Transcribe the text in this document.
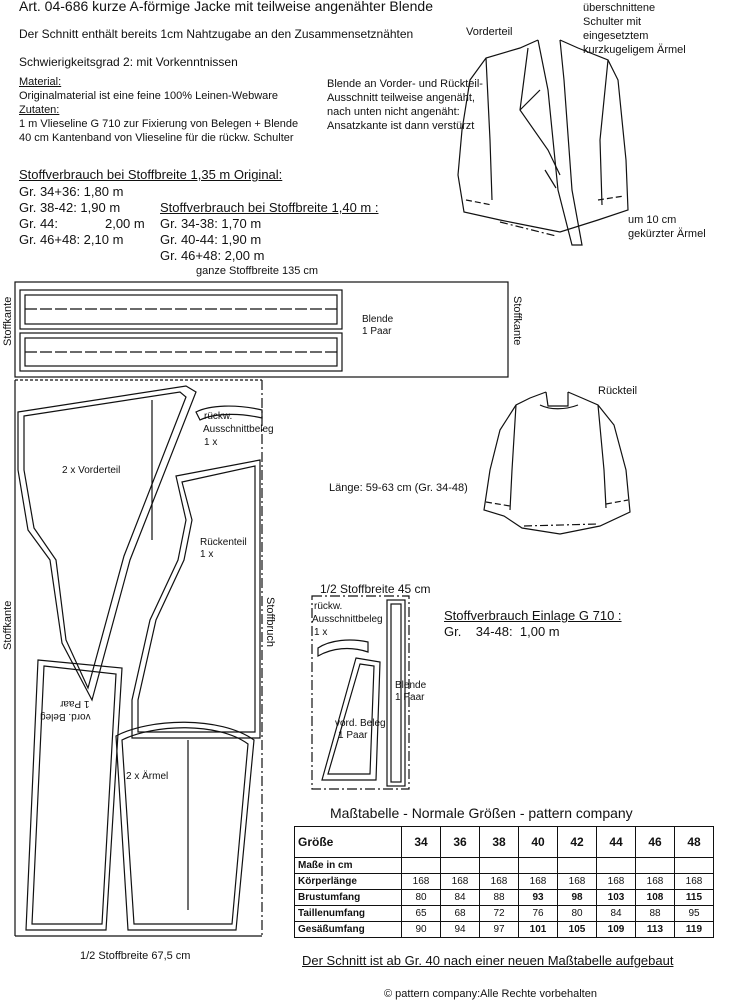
Art. 04-686 kurze A-förmige Jacke mit teilweise angenähter Blende
Der Schnitt enthält bereits 1cm Nahtzugabe an den Zusammensetznähten
Schwierigkeitsgrad 2: mit Vorkenntnissen
Material:
Originalmaterial ist eine feine 100% Leinen-Webware
Zutaten:
1 m Vlieseline G 710 zur Fixierung von Belegen + Blende
40 cm Kantenband von Vlieseline für die rückw. Schulter
Stoffverbrauch bei Stoffbreite 1,35 m Original:
Gr. 34+36: 1,80 m
Gr. 38-42: 1,90 m
Gr. 44:             2,00 m
Gr. 46+48: 2,10 m
Stoffverbrauch bei Stoffbreite 1,40 m :
Gr. 34-38: 1,70 m
Gr. 40-44: 1,90 m
Gr. 46+48: 2,00 m
Vorderteil
überschnittene
Schulter mit
eingesetztem
kurzkugeligem Ärmel
Blende an Vorder- und Rückteil-
Ausschnitt teilweise angenäht,
nach unten nicht angenäht:
Ansatzkante ist dann verstürzt
um 10 cm
gekürzter Ärmel
Rückteil
Länge: 59-63 cm (Gr. 34-48)
ganze Stoffbreite 135 cm
Stoffkante	Stoffkante
Blende
1 Paar
rückw.
Ausschnittbeleg
1 x
2 x Vorderteil
Rückenteil
1 x
Stoffkante	Stoffbruch
vord. Beleg
1 Paar
2 x Ärmel
1/2 Stoffbreite 67,5 cm
1/2 Stoffbreite 45 cm
rückw.
Ausschnittbeleg
1 x
Blende
1 Paar
vord. Beleg
1 Paar
Stoffverbrauch Einlage G 710 :
Gr.    34-48:  1,00 m
Maßtabelle - Normale Größen - pattern company
Größe	34	36	38	40	42	44	46	48
Maße in cm								
Körperlänge	168	168	168	168	168	168	168	168
Brustumfang	80	84	88	93	98	103	108	115
Taillenumfang	65	68	72	76	80	84	88	95
Gesäßumfang	90	94	97	101	105	109	113	119
Der Schnitt ist ab Gr. 40 nach einer neuen Maßtabelle aufgebaut
© pattern company:Alle Rechte vorbehalten
